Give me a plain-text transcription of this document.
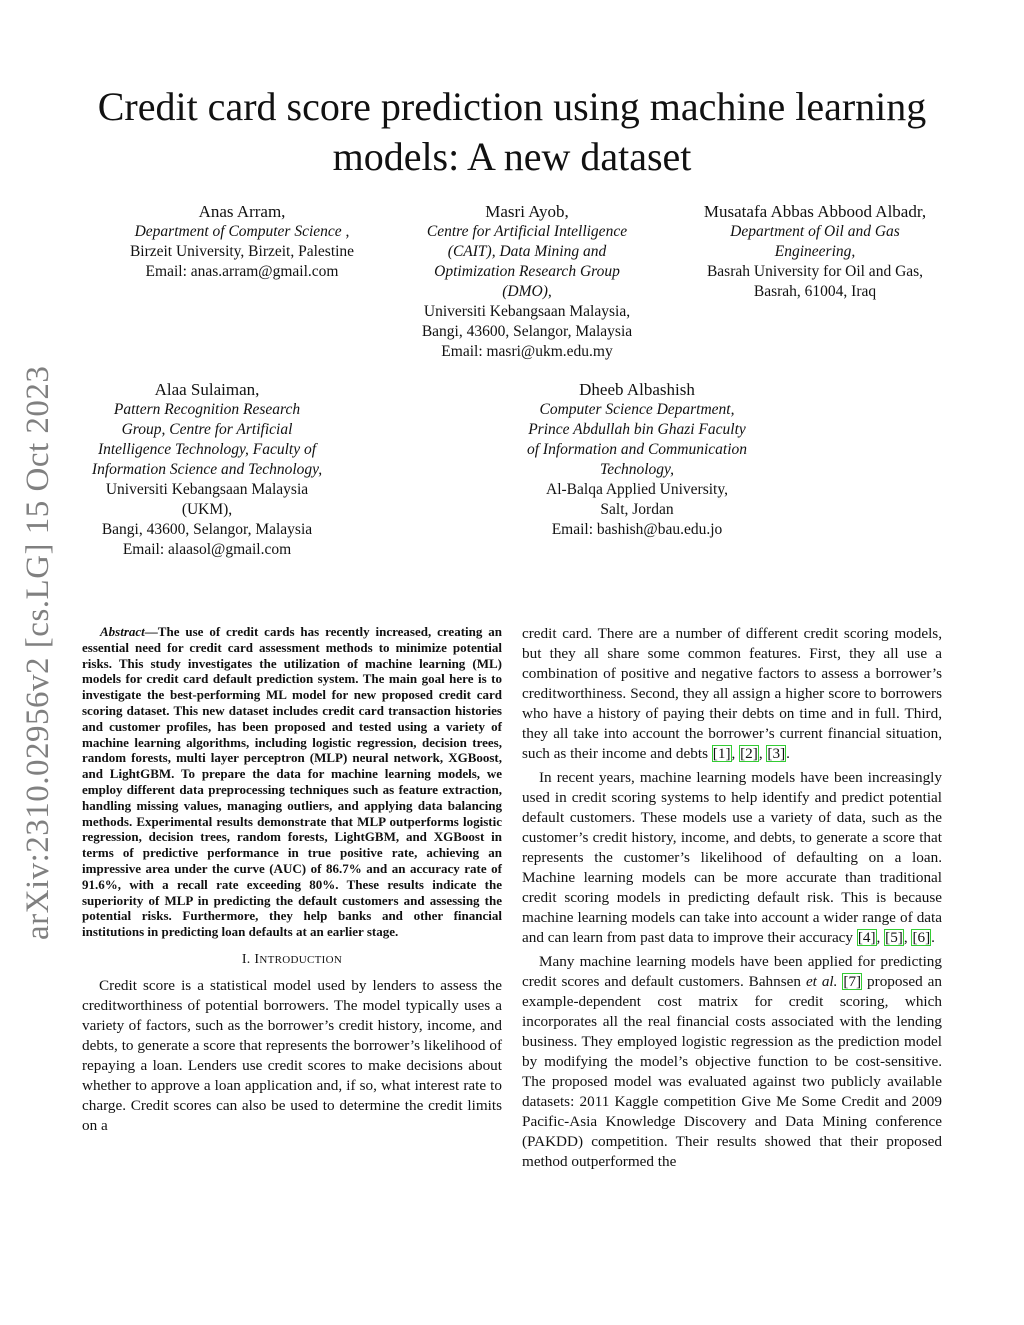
arXiv:2310.02956v2 [cs.LG] 15 Oct 2023
Credit card score prediction using machine learning models: A new dataset
Anas Arram,
Department of Computer Science ,
Birzeit University, Birzeit, Palestine
Email: anas.arram@gmail.com
Masri Ayob,
Centre for Artificial Intelligence
(CAIT), Data Mining and
Optimization Research Group
(DMO),
Universiti Kebangsaan Malaysia,
Bangi, 43600, Selangor, Malaysia
Email: masri@ukm.edu.my
Musatafa Abbas Abbood Albadr,
Department of Oil and Gas
Engineering,
Basrah University for Oil and Gas,
Basrah, 61004, Iraq
Alaa Sulaiman,
Pattern Recognition Research
Group, Centre for Artificial
Intelligence Technology, Faculty of
Information Science and Technology,
Universiti Kebangsaan Malaysia
(UKM),
Bangi, 43600, Selangor, Malaysia
Email: alaasol@gmail.com
Dheeb Albashish
Computer Science Department,
Prince Abdullah bin Ghazi Faculty
of Information and Communication
Technology,
Al-Balqa Applied University,
Salt, Jordan
Email: bashish@bau.edu.jo

Abstract—The use of credit cards has recently increased, creating an essential need for credit card assessment methods to minimize potential risks. This study investigates the utilization of machine learning (ML) models for credit card default prediction system. The main goal here is to investigate the best-performing ML model for new proposed credit card scoring dataset. This new dataset includes credit card transaction histories and customer profiles, has been proposed and tested using a variety of machine learning algorithms, including logistic regression, decision trees, random forests, multi layer perceptron (MLP) neural network, XGBoost, and LightGBM. To prepare the data for machine learning models, we employ different data preprocessing techniques such as feature extraction, handling missing values, managing outliers, and applying data balancing methods. Experimental results demonstrate that MLP outperforms logistic regression, decision trees, random forests, LightGBM, and XGBoost in terms of predictive performance in true positive rate, achieving an impressive area under the curve (AUC) of 86.7% and an accuracy rate of 91.6%, with a recall rate exceeding 80%. These results indicate the superiority of MLP in predicting the default customers and assessing the potential risks. Furthermore, they help banks and other financial institutions in predicting loan defaults at an earlier stage.

I. INTRODUCTION

Credit score is a statistical model used by lenders to assess the creditworthiness of potential borrowers. The model typically uses a variety of factors, such as the borrower’s credit history, income, and debts, to generate a score that represents the borrower’s likelihood of repaying a loan. Lenders use credit scores to make decisions about whether to approve a loan application and, if so, what interest rate to charge. Credit scores can also be used to determine the credit limits on a

credit card. There are a number of different credit scoring models, but they all share some common features. First, they all use a combination of positive and negative factors to assess a borrower’s creditworthiness. Second, they all assign a higher score to borrowers who have a history of paying their debts on time and in full. Third, they all take into account the borrower’s current financial situation, such as their income and debts [1], [2], [3].

In recent years, machine learning models have been increasingly used in credit scoring systems to help identify and predict potential default customers. These models use a variety of data, such as the customer’s credit history, income, and debts, to generate a score that represents the customer’s likelihood of defaulting on a loan. Machine learning models can be more accurate than traditional credit scoring models in predicting default risk. This is because machine learning models can take into account a wider range of data and can learn from past data to improve their accuracy [4], [5], [6].

Many machine learning models have been applied for predicting credit scores and default customers. Bahnsen et al. [7] proposed an example-dependent cost matrix for credit scoring, which incorporates all the real financial costs associated with the lending business. They employed logistic regression as the prediction model by modifying the model’s objective function to be cost-sensitive. The proposed model was evaluated against two publicly available datasets: 2011 Kaggle competition Give Me Some Credit and 2009 Pacific-Asia Knowledge Discovery and Data Mining conference (PAKDD) competition. Their results showed that their proposed method outperformed the
